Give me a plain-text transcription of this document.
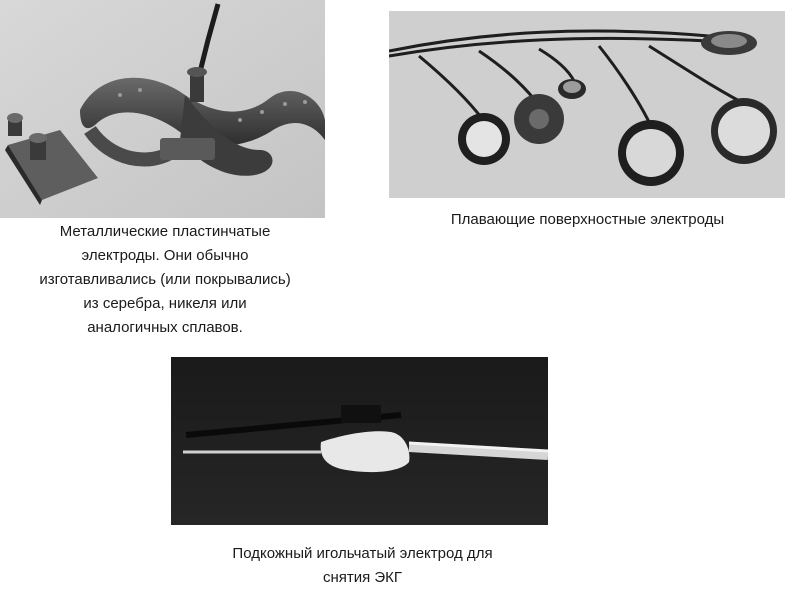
Металлические пластинчатые
электроды. Они обычно
изготавливались (или покрывались)
из серебра, никеля или
аналогичных сплавов.
Плавающие поверхностные электроды
Подкожный игольчатый электрод для
снятия ЭКГ
